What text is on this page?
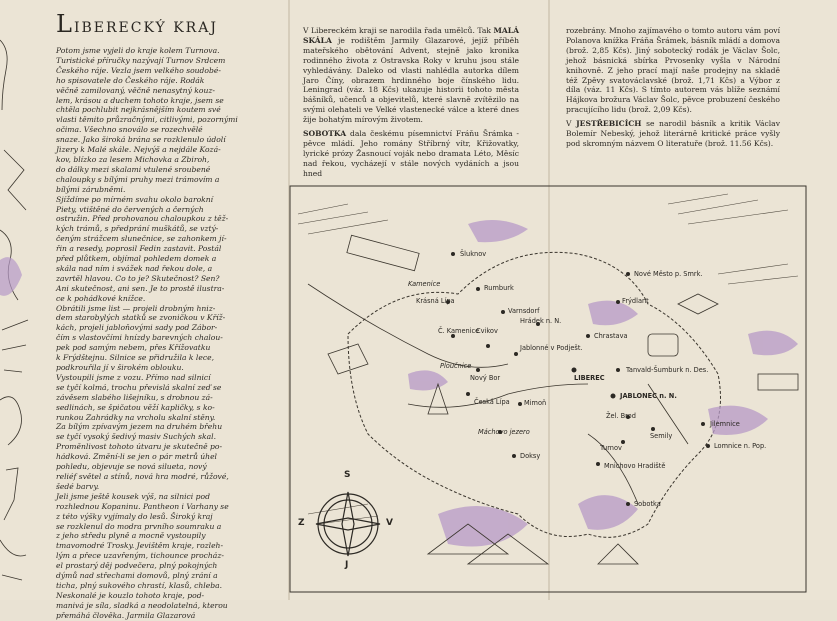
LIBERECKÝ KRAJ

Potom jsme vyjeli do kraje kolem Turnova.
Turistické příručky nazývají Turnov Srdcem
Českého ráje. Vezla jsem velkého soudobé-
ho spisovatele do Českého ráje. Rodák
věčně zamilovaný, věčně nenasytný kouz-
lem, krásou a duchem tohoto kraje, jsem se
chtěla pochlubit nejkrásnějším koutem své
vlasti těmito průzračnými, citlivými, pozornými
očima. Všechno snoválo se rozechvělé
snaze. Jako široká brána se rozklenulo údolí
Jizery k Malé skále. Nejvýš a nejdále Kozá-
kov, blízko za lesem Michovka a Zbiroh,
do dálky mezi skalami vtulené sroubené
chaloupky s bílými pruhy mezi trámovím a
bílými zárubněmi.
Sjíždíme po mírném svahu okolo barokní
Piety, vtištěné do červených a černých
ostružin. Před prohovanou chaloupkou z těž-
kých trámů, s předprání muškátů, se vztý-
čeným strážcem slunečnice, se zahonkem jí-
řin a resedy, poprosil Fedin zastavit. Postál
před plůtkem, objímal pohledem domek a
skála nad ním i svážek nad řekou dole, a
zavrtěl hlavou. Co to je? Skutečnost? Sen?
Ani skutečnost, ani sen. Je to prostě ilustra-
ce k pohádkové knížce.
Obrátili jsme list — projeli drobným hniz-
dem starobylých statků se zvoničkou v Kříž-
kách, projeli jabloňovými sady pod Zábor-
čím s vlastovčími hnízdy barevných chalou-
pek pod samým nebem, přes Křížovatku
k Frýdštejnu. Silnice se přidružila k lece,
podkrouřila jí v širokém oblouku.
Vystoupili jsme z vozu. Přímo nad silnicí
se tyčí kolmá, trochu převislá skalní zeď se
závěsem slabého lišejníku, s drobnou zá-
sedlinách, se špičatou věží kapličky, s ko-
runkou Zahrádky na vrcholu skalní stěny.
Za bílým zpívavým jezem na druhém břehu
se tyčí vysoký šedivý masiv Suchých skal.
Proměnlivost tohoto útvaru je skutečně po-
hádková. Změní-li se jen o pár metrů úhel
pohledu, objevuje se nová silueta, nový
reliéf světel a stínů, nová hra modré, růžové,
šedé barvy.
Jeli jsme ještě kousek výš, na silnici pod
rozhlednou Kopaninu. Pantheon i Varhany se
z této výšky vyjímaly do lesů. Široký kraj
se rozklenul do modra prvního soumraku a
z jeho středu plyně a mocně vystoupily
tmavomodré Trosky. Jevištěm kraje, rozleh-
lým a přece uzavřeným, tichounce procház-
el prostarý děj podvečera, plný pokojných
dýmů nad střechami domovů, plný zrání a
ticha, plný sukového chrastí, klasů, chleba.
Neskonalé je kouzlo tohoto kraje, pod-
manivá je síla, sladká a neodolatelná, kterou
přemáhá člověka. Jarmila Glazarová

V Libereckém kraji se narodila řada umělců. Tak MALÁ SKÁLA je rodištěm Jarmily Glazarové, jejíž příběh mateřského obětování Advent, stejně jako kronika rodinného života z Ostravska Roky v kruhu jsou stále vyhledávány. Daleko od vlasti nahlédla autorka dílem Jaro Číny, obrazem hrdinného boje čínského lidu. Leningrad (váz. 18 Kčs) ukazuje historii tohoto města bášníků, učenců a objevitelů, které slavně zvítězilo na svými olehateli ve Velké vlastenecké válce a které dnes žije bohatým mírovým životem.

SOBOTKA dala českému písemnictví Fráňu Šrámka - pěvce mládí. Jeho romány Stříbrný vítr, Křižovatky, lyrické prózy Žasnoucí voják nebo dramata Léto, Měsíc nad řekou, vycházejí v stále nových vydáních a jsou hned

rozebrány. Mnoho zajímavého o tomto autoru vám poví Polanova knížka Fráňa Šrámek, básník mládí a domova (brož. 2,85 Kčs). Jiný sobotecký rodák je Václav Šolc, jehož básnická sbírka Prvosenky vyšla v Národní knihovně. Z jeho prací mají naše prodejny na skladě též Zpěvy svatováclavské (brož. 1,71 Kčs) a Výbor z díla (váz. 11 Kčs). S tímto autorem vás blíže seznámí Hájkova brožura Václav Šolc, pěvce probuzení českého pracujícího lidu (brož. 2,09 Kčs).

V JESTŘEBICÍCH se narodil básník a kritik Václav Bolemír Nebeský, jehož literárně kritické práce vyšly pod skromným názvem O literatuře (brož. 11.56 Kčs).

Šluknov
Rumburk
Krásná Lípa
Varnsdorf
Nové Město p. Smrk.
Frýdlant
Chrastava
Hrádek n. N.
Č. Kamenice
Cvikov
Jablonné v Podješt.
Nový Bor	LIBEREC
Tanvald-Šumburk n. Des.
JABLONEC n. N.
Česká Lípa Mimoň
Máchovo jezero
Žel. Brod
Semily
Jilemnice
Lomnice n. Pop.
Turnov
Doksy
Mnichovo Hradiště
Sobotka
Ploučnice
Kamenice
S
J
Z	V
